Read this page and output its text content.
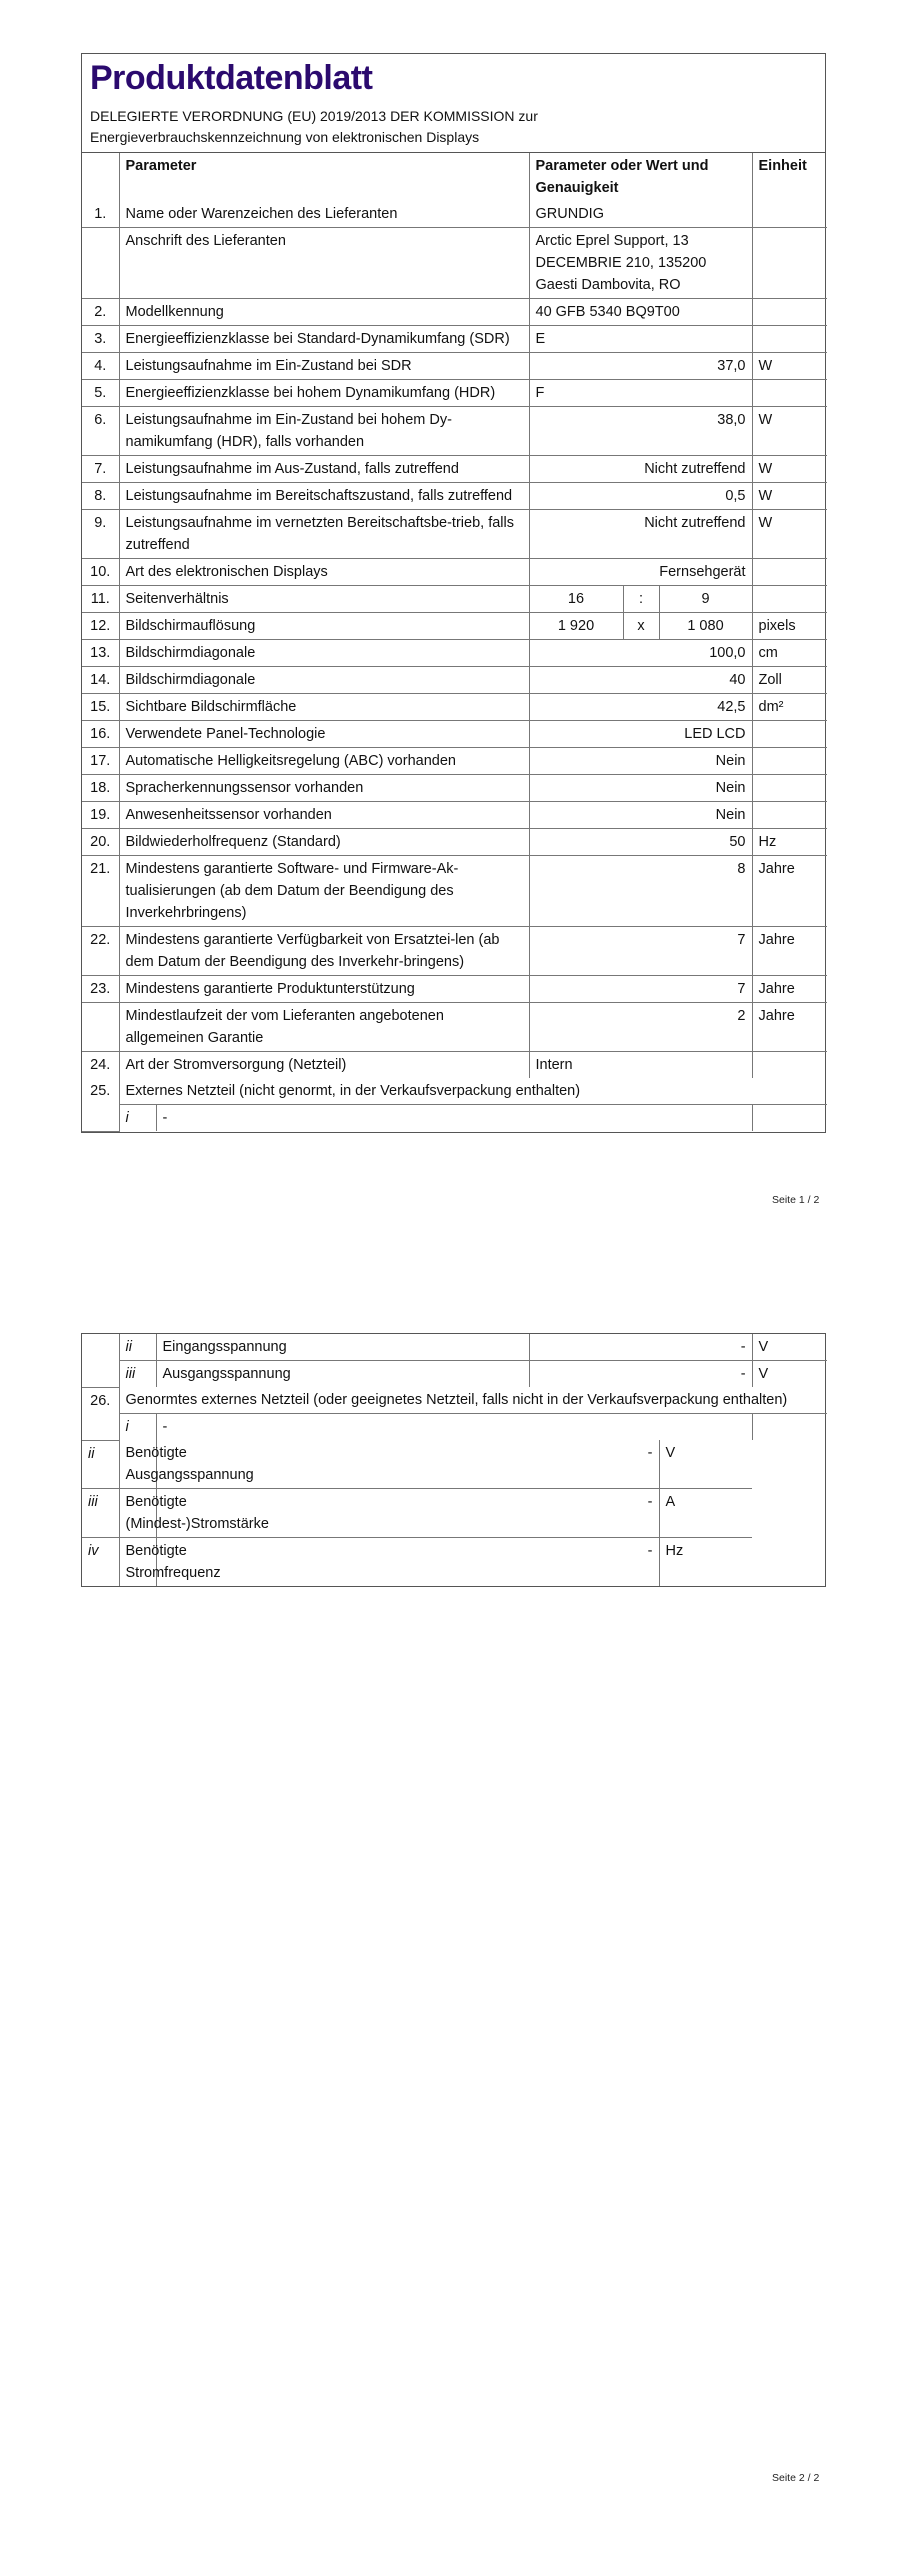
Produktdatenblatt
DELEGIERTE VERORDNUNG (EU) 2019/2013 DER KOMMISSION zur
Energieverbrauchskennzeichnung von elektronischen Displays
	Parameter		Parameter oder Wert und Genauigkeit			Einheit
1.	Name oder Warenzeichen des Lieferanten		GRUNDIG			
	Anschrift des Lieferanten		Arctic Eprel Support, 13 DECEMBRIE 210, 135200 Gaesti Dambovita, RO			
2.	Modellkennung		40 GFB 5340 BQ9T00			
3.	Energieeffizienzklasse bei Standard-Dynamikumfang (SDR)		E			
4.	Leistungsaufnahme im Ein-Zustand bei SDR		37,0			W
5.	Energieeffizienzklasse bei hohem Dynamikumfang (HDR)		F			
6.	Leistungsaufnahme im Ein-Zustand bei hohem Dy-namikumfang (HDR), falls vorhanden		38,0			W
7.	Leistungsaufnahme im Aus-Zustand, falls zutreffend		Nicht zutreffend			W
8.	Leistungsaufnahme im Bereitschaftszustand, falls zutreffend		0,5			W
9.	Leistungsaufnahme im vernetzten Bereitschaftsbe-trieb, falls zutreffend		Nicht zutreffend			W
10.	Art des elektronischen Displays		Fernsehgerät			
11.	Seitenverhältnis		16	:	9	
12.	Bildschirmauflösung		1 920	x	1 080	pixels
13.	Bildschirmdiagonale		100,0			cm
14.	Bildschirmdiagonale		40			Zoll
15.	Sichtbare Bildschirmfläche		42,5			dm²
16.	Verwendete Panel-Technologie		LED LCD			
17.	Automatische Helligkeitsregelung (ABC) vorhanden		Nein			
18.	Spracherkennungssensor vorhanden		Nein			
19.	Anwesenheitssensor vorhanden		Nein			
20.	Bildwiederholfrequenz (Standard)		50			Hz
21.	Mindestens garantierte Software- und Firmware-Ak-tualisierungen (ab dem Datum der Beendigung des Inverkehrbringens)		8			Jahre
22.	Mindestens garantierte Verfügbarkeit von Ersatztei-len (ab dem Datum der Beendigung des Inverkehr-bringens)		7			Jahre
23.	Mindestens garantierte Produktunterstützung		7			Jahre
	Mindestlaufzeit der vom Lieferanten angebotenen allgemeinen Garantie		2			Jahre
24.	Art der Stromversorgung (Netzteil)		Intern			
25.	Externes Netzteil (nicht genormt, in der Verkaufsverpackung enthalten)					
	i	-				
Seite 1 / 2
	ii	Eingangsspannung	-		V
	iii	Ausgangsspannung	-		V
26.	Genormtes externes Netzteil (oder geeignetes Netzteil, falls nicht in der Verkaufsverpackung enthalten)				
	i	-			
ii	Benötigte Ausgangsspannung	-		V	
iii	Benötigte (Mindest-)Stromstärke	-		A	
iv	Benötigte Stromfrequenz	-		Hz	
Seite 2 / 2
